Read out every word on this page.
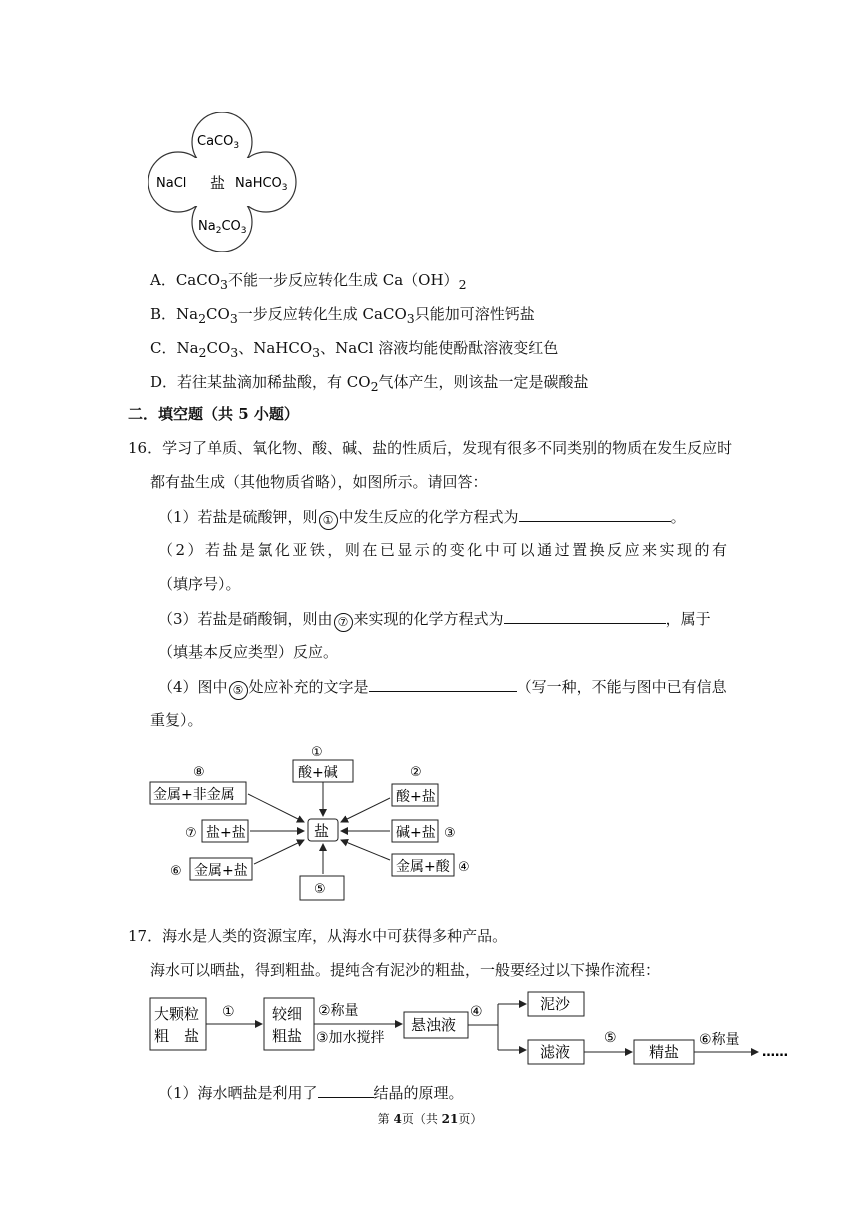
CaCO$_3$
NaCl 盐 NaHCO$_3$
$Na_2CO_3$
A．CaCO$_3$不能一步反应转化生成 $Ca(OH)_2$
B．$Na_2CO_3$一步反应转化生成 CaCO$_3$只能加可溶性钙盐
C．$Na_2CO_3$、NaHCO$_3$、NaCl 溶液均能使酚酞溶液变红色
D．若往某盐滴加稀盐酸，有 $CO_2$气体产生，则该盐一定是碳酸盐
二．填空题（共 5 小题）
16．学习了单质、氧化物、酸、碱、盐的性质后，发现有很多不同类别的物质在发生反应时
都有盐生成（其他物质省略），如图所示。请回答：
（1）若盐是硫酸钾，则 ① 中发生反应的化学方程式为	。
（2）若盐是氯化亚铁，则在已显示的变化中可以通过置换反应来实现的有
（填序号）。
（3）若盐是硝酸铜，则由 ⑦ 来实现的化学方程式为	，属于
（填基本反应类型）反应。
（4）图中 ⑤ 处应补充的文字是	（写一种，不能与图中已有信息
重复）。
盐
①
酸+碱	②
酸+盐
碱+盐 ③
金属+酸 ④
⑤
⑧
金属+非金属
⑦ 盐+盐
⑥ 金属+盐
17．海水是人类的资源宝库，从海水中可获得多种产品。
海水可以晒盐，得到粗盐。提纯含有泥沙的粗盐，一般要经过以下操作流程：
大颗粒
粗　盐
① 较细
粗盐
②称量
③加水搅拌
悬浊液
④	泥沙
滤液
⑤
精盐
⑥称量
……
（1）海水晒盐是利用了	结晶的原理。
第 4页（共 21页）
